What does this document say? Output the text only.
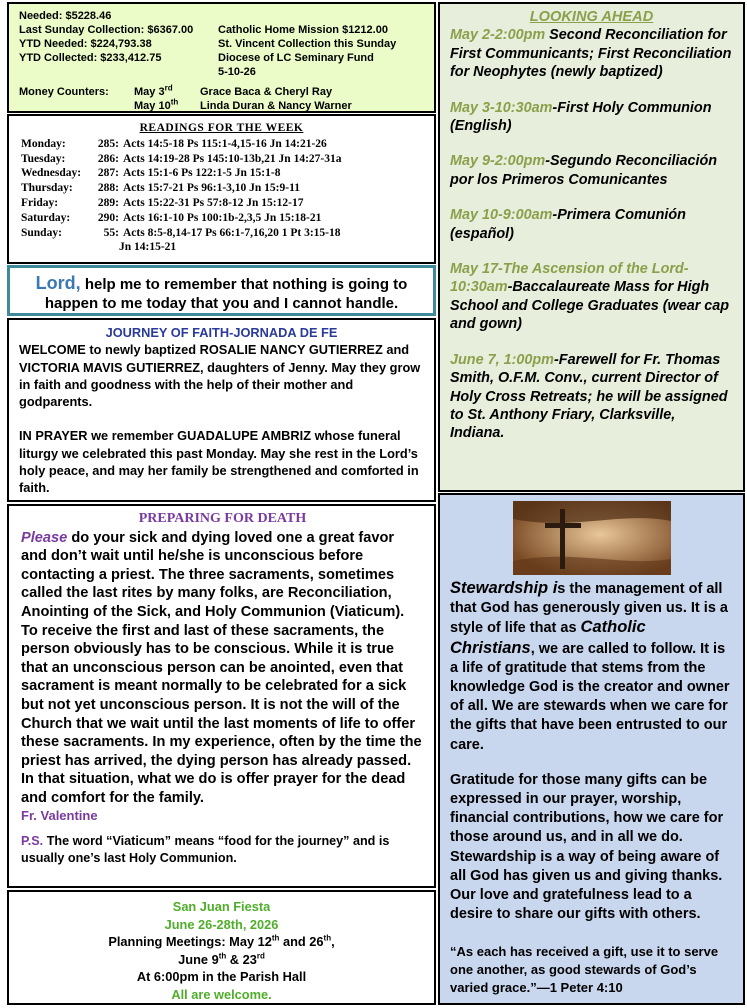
Needed: $5228.46

Last Sunday Collection: $6367.00	Catholic Home Mission $1212.00
YTD Needed: $224,793.38	St. Vincent Collection this Sunday
YTD Collected: $233,412.75	Diocese of LC Seminary Fund
5-10-26
Money Counters:	May 3rd	Grace Baca & Cheryl Ray
May 10th	Linda Duran & Nancy Warner

READINGS FOR THE WEEK

Monday:	285: Acts 14:5-18 Ps 115:1-4,15-16 Jn 14:21-26
Tuesday:	286: Acts 14:19-28 Ps 145:10-13b,21 Jn 14:27-31a
Wednesday:	287: Acts 15:1-6 Ps 122:1-5 Jn 15:1-8
Thursday:	288: Acts 15:7-21 Ps 96:1-3,10 Jn 15:9-11
Friday:	289: Acts 15:22-31 Ps 57:8-12 Jn 15:12-17
Saturday:	290: Acts 16:1-10 Ps 100:1b-2,3,5 Jn 15:18-21
Sunday:	55: Acts 8:5-8,14-17 Ps 66:1-7,16,20 1 Pt 3:15-18

Jn 14:15-21

Lord, help me to remember that nothing is going to happen to me today that you and I cannot handle.

JOURNEY OF FAITH-JORNADA DE FE

WELCOME to newly baptized ROSALIE NANCY GUTIERREZ and VICTORIA MAVIS GUTIERREZ, daughters of Jenny. May they grow in faith and goodness with the help of their mother and godparents.

IN PRAYER we remember GUADALUPE AMBRIZ whose funeral liturgy we celebrated this past Monday. May she rest in the Lord’s holy peace, and may her family be strengthened and comforted in faith.

PREPARING FOR DEATH

Please do your sick and dying loved one a great favor and don’t wait until he/she is unconscious before contacting a priest. The three sacraments, sometimes called the last rites by many folks, are Reconciliation, Anointing of the Sick, and Holy Communion (Viaticum). To receive the first and last of these sacraments, the person obviously has to be conscious. While it is true that an unconscious person can be anointed, even that sacrament is meant normally to be celebrated for a sick but not yet unconscious person. It is not the will of the Church that we wait until the last moments of life to offer these sacraments. In my experience, often by the time the priest has arrived, the dying person has already passed. In that situation, what we do is offer prayer for the dead and comfort for the family.

Fr. Valentine

P.S. The word “Viaticum” means “food for the journey” and is usually one’s last Holy Communion.

San Juan Fiesta

June 26-28th, 2026

Planning Meetings: May 12th and 26th,

June 9th & 23rd

At 6:00pm in the Parish Hall

All are welcome.

LOOKING AHEAD

May 2-2:00pm Second Reconciliation for First Communicants; First Reconciliation for Neophytes (newly baptized)

May 3-10:30am-First Holy Communion (English)

May 9-2:00pm-Segundo Reconciliación por los Primeros Comunicantes

May 10-9:00am-Primera Comunión (español)

May 17-The Ascension of the Lord-10:30am-Baccalaureate Mass for High School and College Graduates (wear cap and gown)

June 7, 1:00pm-Farewell for Fr. Thomas Smith, O.F.M. Conv., current Director of Holy Cross Retreats; he will be assigned to St. Anthony Friary, Clarksville, Indiana.

Stewardship is the management of all that God has generously given us. It is a style of life that as Catholic Christians, we are called to follow. It is a life of gratitude that stems from the knowledge God is the creator and owner of all. We are stewards when we care for the gifts that have been entrusted to our care.

Gratitude for those many gifts can be expressed in our prayer, worship, financial contributions, how we care for those around us, and in all we do. Stewardship is a way of being aware of all God has given us and giving thanks. Our love and gratefulness lead to a desire to share our gifts with others.

“As each has received a gift, use it to serve one another, as good stewards of God’s varied grace.”—1 Peter 4:10
